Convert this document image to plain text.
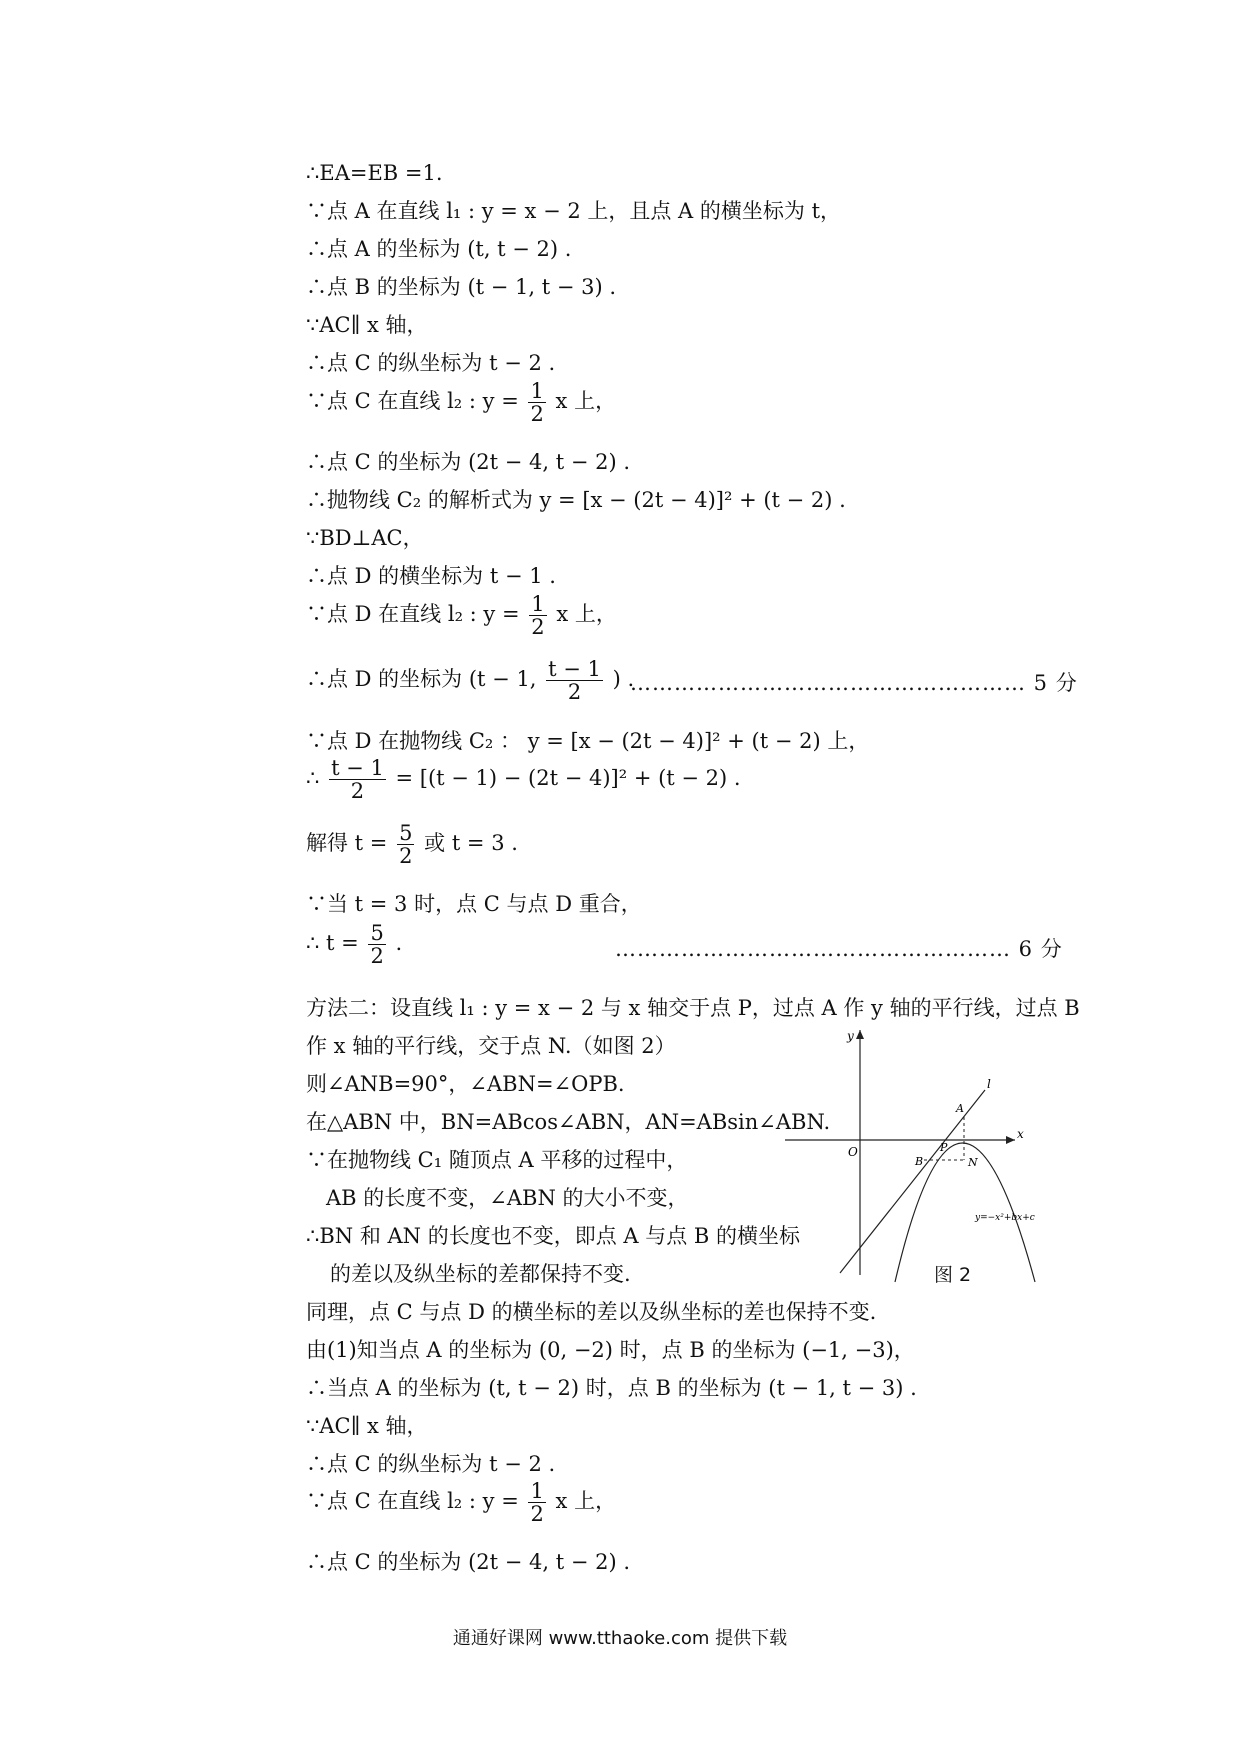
∴EA=EB =1.
∵点 A 在直线 l₁ : y = x − 2 上，且点 A 的横坐标为 t，
∴点 A 的坐标为 (t, t − 2) .
∴点 B 的坐标为 (t − 1, t − 3) .
∵AC∥ x 轴，
∴点 C 的纵坐标为 t − 2 .
∵点 C 在直线 l₂ : $y = \frac{1}{2}$ x 上，
∴点 C 的坐标为 (2t − 4, t − 2) .
∴抛物线 C₂ 的解析式为 y = [x − (2t − 4)]² + (t − 2) .
∵BD⊥AC，
∴点 D 的横坐标为 t − 1 .
∵点 D 在直线 l₂ : $y = \frac{1}{2}$ x 上，
∴点 D 的坐标为 (t − 1, $\frac{t - 1}{2}$ ) .
……………………………………………… 5 分
∵点 D 在抛物线 C₂ ： y = [x − (2t − 4)]² + (t − 2) 上，
∴ $\frac{t - 1}{2} = [(t - 1) - (2t - 4)]^2 + (t - 2)$ .
解得 $t = \frac{5}{2}$ 或 t = 3 .
∵当 t = 3 时，点 C 与点 D 重合，
∴ $t = \frac{5}{2}$ .	……………………………………………… 6 分
方法二：设直线 l₁ : y = x − 2 与 x 轴交于点 P，过点 A 作 y 轴的平行线，过点 B
作 x 轴的平行线，交于点 N.（如图 2）
则∠ANB=90°，∠ABN=∠OPB.
在△ABN 中，BN=ABcos∠ABN，AN=ABsin∠ABN.
∵在抛物线 C₁ 随顶点 A 平移的过程中，
AB 的长度不变，∠ABN 的大小不变，
∴BN 和 AN 的长度也不变，即点 A 与点 B 的横坐标
的差以及纵坐标的差都保持不变.
同理，点 C 与点 D 的横坐标的差以及纵坐标的差也保持不变.
由(1)知当点 A 的坐标为 (0, −2) 时，点 B 的坐标为 (−1, −3)，
∴当点 A 的坐标为 (t, t − 2) 时，点 B 的坐标为 (t − 1, t − 3) .
∵AC∥ x 轴，
∴点 C 的纵坐标为 t − 2 .
∵点 C 在直线 l₂ : $y = \frac{1}{2}$ x 上，
∴点 C 的坐标为 (2t − 4, t − 2) .
y
x
O
l
A
B
P
N
y=−x²+bx+c
图 2
通通好课网 www.tthaoke.com 提供下载
